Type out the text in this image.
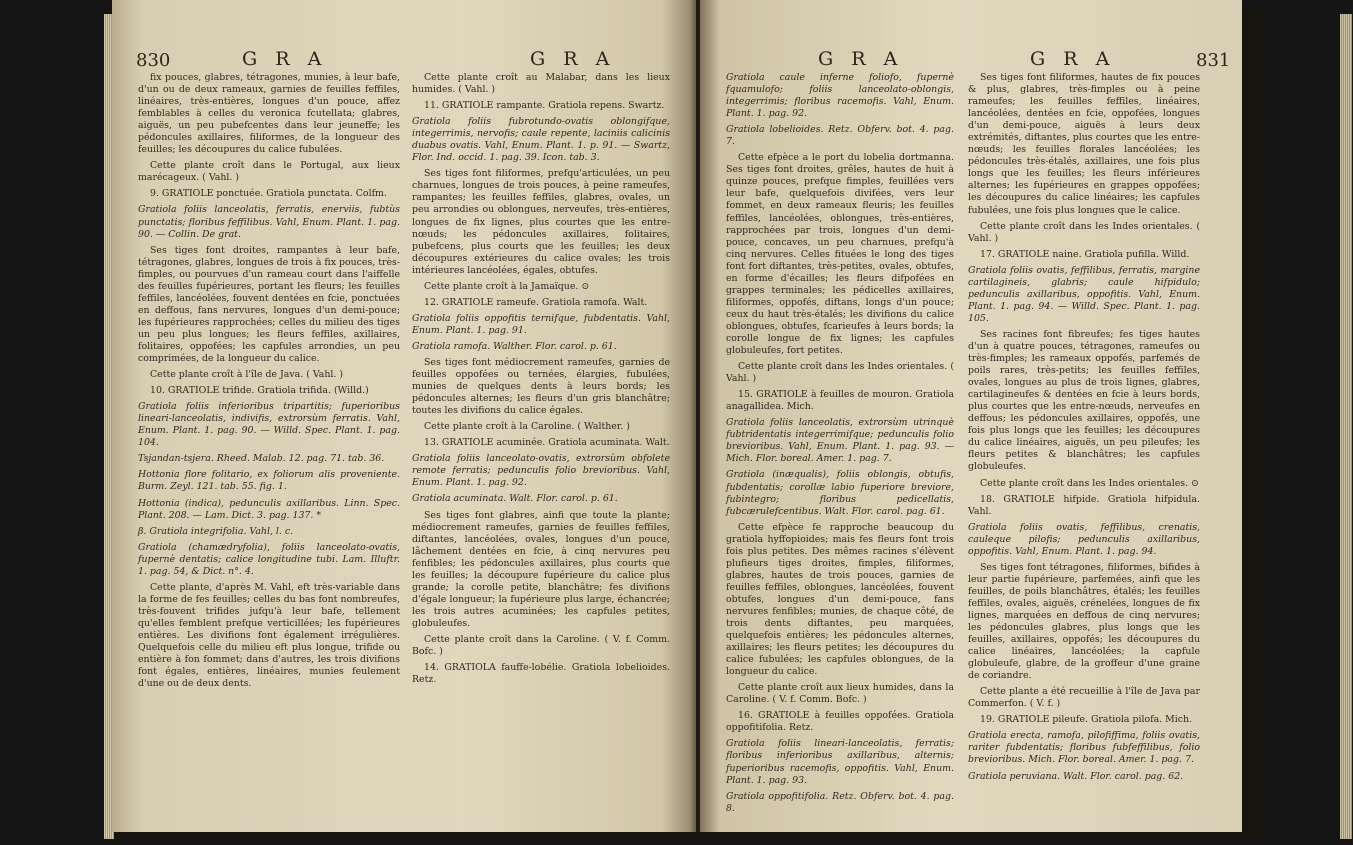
830	G R A	G R A

fix pouces, glabres, tétragones, munies, à leur bafe, d'un ou de deux rameaux, garnies de feuilles feffiles, linéaires, très-entières, longues d'un pouce, affez femblables à celles du veronica fcutellata; glabres, aiguës, un peu pubefcentes dans leur jeuneffe; les pédoncules axillaires, filiformes, de la longueur des feuilles; les découpures du calice fubulées.

Cette plante croît dans le Portugal, aux lieux marécageux. ( Vahl. )

9. GRATIOLE ponctuée. Gratiola punctata. Colfm.

Gratiola foliis lanceolatis, ferratis, enerviis, fubtùs punctatis; floribus feffilibus. Vahl, Enum. Plant. 1. pag. 90. — Collin. De grat.

Ses tiges font droites, rampantes à leur bafe, tétragones, glabres, longues de trois à fix pouces, très-fimples, ou pourvues d'un rameau court dans l'aiffelle des feuilles fupérieures, portant les fleurs; les feuilles feffiles, lancéolées, fouvent dentées en fcie, ponctuées en deffous, fans nervures, longues d'un demi-pouce; les fupérieures rapprochées; celles du milieu des tiges un peu plus longues; les fleurs feffiles, axillaires, folitaires, oppofées; les capfules arrondies, un peu comprimées, de la longueur du calice.

Cette plante croît à l'île de Java. ( Vahl. )

10. GRATIOLE trifide. Gratiola trifida. (Willd.)

Gratiola foliis inferioribus tripartitis; fuperioribus lineari-lanceolatis, indivifis, extrorsùm ferratis. Vahl, Enum. Plant. 1. pag. 90. — Willd. Spec. Plant. 1. pag. 104.

Tsjandan-tsjera. Rheed. Malab. 12. pag. 71. tab. 36.

Hottonia flore folitario, ex foliorum alis proveniente. Burm. Zeyl. 121. tab. 55. fig. 1.

Hottonia (indica), pedunculis axillaribus. Linn. Spec. Plant. 208. — Lam. Dict. 3. pag. 137. *

β. Gratiola integrifolia. Vahl, l. c.

Gratiola (chamædryfolia), foliis lanceolato-ovatis, fupernè dentatis; calice longitudine tubi. Lam. Illuftr. 1. pag. 54, & Dict. n°. 4.

Cette plante, d'après M. Vahl, eft très-variable dans la forme de fes feuilles; celles du bas font nombreufes, très-fouvent trifides jufqu'à leur bafe, tellement qu'elles femblent prefque verticillées; les fupérieures entières. Les divifions font également irrégulières. Quelquefois celle du milieu eft plus longue, trifide ou entière à fon fommet; dans d'autres, les trois divifions font égales, entières, linéaires, munies feulement d'une ou de deux dents.

Cette plante croît au Malabar, dans les lieux humides. ( Vahl. )

11. GRATIOLE rampante. Gratiola repens. Swartz.

Gratiola foliis fubrotundo-ovatis oblongifque, integerrimis, nervofis; caule repente, laciniis calicinis duabus ovatis. Vahl, Enum. Plant. 1. p. 91. — Swartz, Flor. Ind. occid. 1. pag. 39. Icon. tab. 3.

Ses tiges font filiformes, prefqu'articulées, un peu charnues, longues de trois pouces, à peine rameufes, rampantes; les feuilles feffiles, glabres, ovales, un peu arrondies ou oblongues, nerveufes, très-entières, longues de fix lignes, plus courtes que les entre-nœuds; les pédoncules axillaires, folitaires, pubefcens, plus courts que les feuilles; les deux découpures extérieures du calice ovales; les trois intérieures lancéolées, égales, obtufes.

Cette plante croît à la Jamaïque. ⊙

12. GRATIOLE rameufe. Gratiola ramofa. Walt.

Gratiola foliis oppofitis ternifque, fubdentatis. Vahl, Enum. Plant. 1. pag. 91.

Gratiola ramofa. Walther. Flor. carol. p. 61.

Ses tiges font médiocrement rameufes, garnies de feuilles oppofées ou ternées, élargies, fubulées, munies de quelques dents à leurs bords; les pédoncules alternes; les fleurs d'un gris blanchâtre; toutes les divifions du calice égales.

Cette plante croît à la Caroline. ( Walther. )

13. GRATIOLE acuminée. Gratiola acuminata. Walt.

Gratiola foliis lanceolato-ovatis, extrorsùm obfolete remote ferratis; pedunculis folio brevioribus. Vahl, Enum. Plant. 1. pag. 92.

Gratiola acuminata. Walt. Flor. carol. p. 61.

Ses tiges font glabres, ainfi que toute la plante; médiocrement rameufes, garnies de feuilles feffiles, diftantes, lancéolées, ovales, longues d'un pouce, lâchement dentées en fcie, à cinq nervures peu fenfibles; les pédoncules axillaires, plus courts que les feuilles; la découpure fupérieure du calice plus grande; la corolle petite, blanchâtre; fes divifions d'égale longueur; la fupérieure plus large, échancrée; les trois autres acuminées; les capfules petites, globuleufes.

Cette plante croît dans la Caroline. ( V. f. Comm. Bofc. )

14. GRATIOLA fauffe-lobélie. Gratiola lobelioides. Retz.

G R A	G R A	831

Gratiola caule inferne foliofo, fupernè fquamulofo; foliis lanceolato-oblongis, integerrimis; floribus racemofis. Vahl, Enum. Plant. 1. pag. 92.

Gratiola lobelioides. Retz. Obferv. bot. 4. pag. 7.

Cette efpèce a le port du lobelia dortmanna. Ses tiges font droites, grêles, hautes de huit à quinze pouces, prefque fimples, feuillées vers leur bafe, quelquefois divifées, vers leur fommet, en deux rameaux fleuris; les feuilles feffiles, lancéolées, oblongues, très-entières, rapprochées par trois, longues d'un demi-pouce, concaves, un peu charnues, prefqu'à cinq nervures. Celles fituées le long des tiges font fort diftantes, très-petites, ovales, obtufes, en forme d'écailles; les fleurs difpofées en grappes terminales; les pédicelles axillaires, filiformes, oppofés, diftans, longs d'un pouce; ceux du haut très-étalés; les divifions du calice oblongues, obtufes, fcarieufes à leurs bords; la corolle longue de fix lignes; les capfules globuleufes, fort petites.

Cette plante croît dans les Indes orientales. ( Vahl. )

15. GRATIOLE à feuilles de mouron. Gratiola anagallidea. Mich.

Gratiola foliis lanceolatis, extrorsùm utrinquè fubtridentatis integerrimifque; pedunculis folio brevioribus. Vahl, Enum. Plant. 1. pag. 93. — Mich. Flor. boreal. Amer. 1. pag. 7.

Gratiola (inæqualis), foliis oblongis, obtufis, fubdentatis; corollæ labio fuperiore breviore, fubintegro; floribus pedicellatis, fubcærulefcentibus. Walt. Flor. carol. pag. 61.

Cette efpèce fe rapproche beaucoup du gratiola hyffopioides; mais fes fleurs font trois fois plus petites. Des mêmes racines s'élèvent plufieurs tiges droites, fimples, filiformes, glabres, hautes de trois pouces, garnies de feuilles feffiles, oblongues, lancéolées, fouvent obtufes, longues d'un demi-pouce, fans nervures fenfibles; munies, de chaque côté, de trois dents diftantes, peu marquées, quelquefois entières; les pédoncules alternes, axillaires; les fleurs petites; les découpures du calice fubulées; les capfules oblongues, de la longueur du calice.

Cette plante croît aux lieux humides, dans la Caroline. ( V. f. Comm. Bofc. )

16. GRATIOLE à feuilles oppofées. Gratiola oppofitifolia. Retz.

Gratiola foliis lineari-lanceolatis, ferratis; floribus inferioribus axillaribus, alternis; fuperioribus racemofis, oppofitis. Vahl, Enum. Plant. 1. pag. 93.

Gratiola oppofitifolia. Retz. Obferv. bot. 4. pag. 8.

Ses tiges font filiformes, hautes de fix pouces & plus, glabres, très-fimples ou à peine rameufes; les feuilles feffiles, linéaires, lancéolées, dentées en fcie, oppofées, longues d'un demi-pouce, aiguës à leurs deux extrémités, diftantes, plus courtes que les entre-nœuds; les feuilles florales lancéolées; les pédoncules très-étalés, axillaires, une fois plus longs que les feuilles; les fleurs inférieures alternes; les fupérieures en grappes oppofées; les découpures du calice linéaires; les capfules fubulées, une fois plus longues que le calice.

Cette plante croît dans les Indes orientales. ( Vahl. )

17. GRATIOLE naine. Gratiola pufilla. Willd.

Gratiola foliis ovatis, feffilibus, ferratis, margine cartilagineis, glabris; caule hifpidulo; pedunculis axillaribus, oppofitis. Vahl, Enum. Plant. 1. pag. 94. — Willd. Spec. Plant. 1. pag. 105.

Ses racines font fibreufes; fes tiges hautes d'un à quatre pouces, tétragones, rameufes ou très-fimples; les rameaux oppofés, parfemés de poils rares, très-petits; les feuilles feffiles, ovales, longues au plus de trois lignes, glabres, cartilagineufes & dentées en fcie à leurs bords, plus courtes que les entre-nœuds, nerveufes en deffous; les pédoncules axillaires, oppofés, une fois plus longs que les feuilles; les découpures du calice linéaires, aiguës, un peu pileufes; les fleurs petites & blanchâtres; les capfules globuleufes.

Cette plante croît dans les Indes orientales. ⊙

18. GRATIOLE hifpide. Gratiola hifpidula. Vahl.

Gratiola foliis ovatis, feffilibus, crenatis, cauleque pilofis; pedunculis axillaribus, oppofitis. Vahl, Enum. Plant. 1. pag. 94.

Ses tiges font tétragones, filiformes, bifides à leur partie fupérieure, parfemées, ainfi que les feuilles, de poils blanchâtres, étalés; les feuilles feffiles, ovales, aiguës, crénelées, longues de fix lignes, marquées en deffous de cinq nervures; les pédoncules glabres, plus longs que les feuilles, axillaires, oppofés; les découpures du calice linéaires, lancéolées; la capfule globuleufe, glabre, de la groffeur d'une graine de coriandre.

Cette plante a été recueillie à l'île de Java par Commerfon. ( V. f. )

19. GRATIOLE pileufe. Gratiola pilofa. Mich.

Gratiola erecta, ramofa, pilofiffima, foliis ovatis, rariter fubdentatis; floribus fubfeffilibus, folio brevioribus. Mich. Flor. boreal. Amer. 1. pag. 7.

Gratiola peruviana. Walt. Flor. carol. pag. 62.
